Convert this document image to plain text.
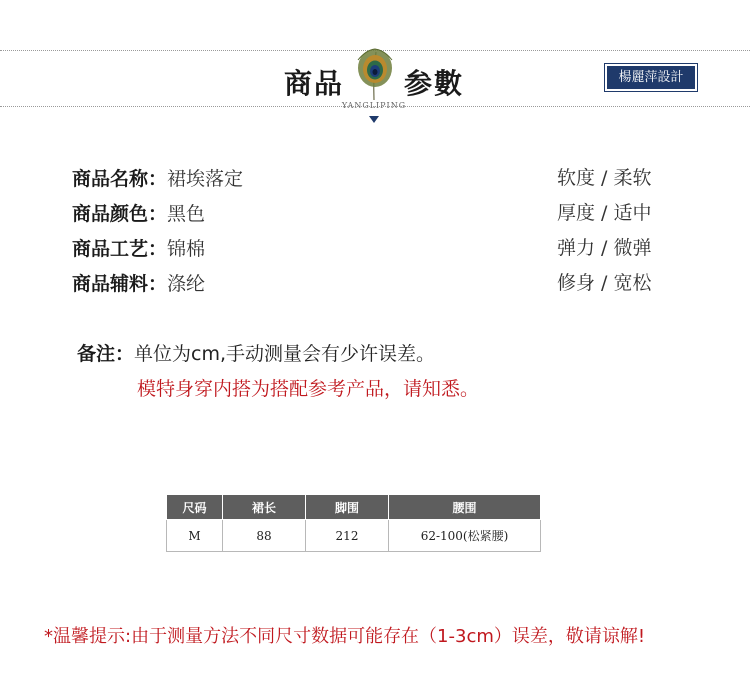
商品 参數
YANGLIPING
楊麗萍設計
商品名称：裙埃落定
商品颜色：黑色
商品工艺：锦棉
商品辅料：涤纶
软度 / 柔软
厚度 / 适中
弹力 / 微弹
修身 / 宽松
备注：单位为cm,手动测量会有少许误差。
模特身穿内搭为搭配参考产品，请知悉。
尺码	裙长	脚围	腰围
M	88	212	62-100(松紧腰)
*温馨提示:由于测量方法不同尺寸数据可能存在（1-3cm）误差，敬请谅解!
